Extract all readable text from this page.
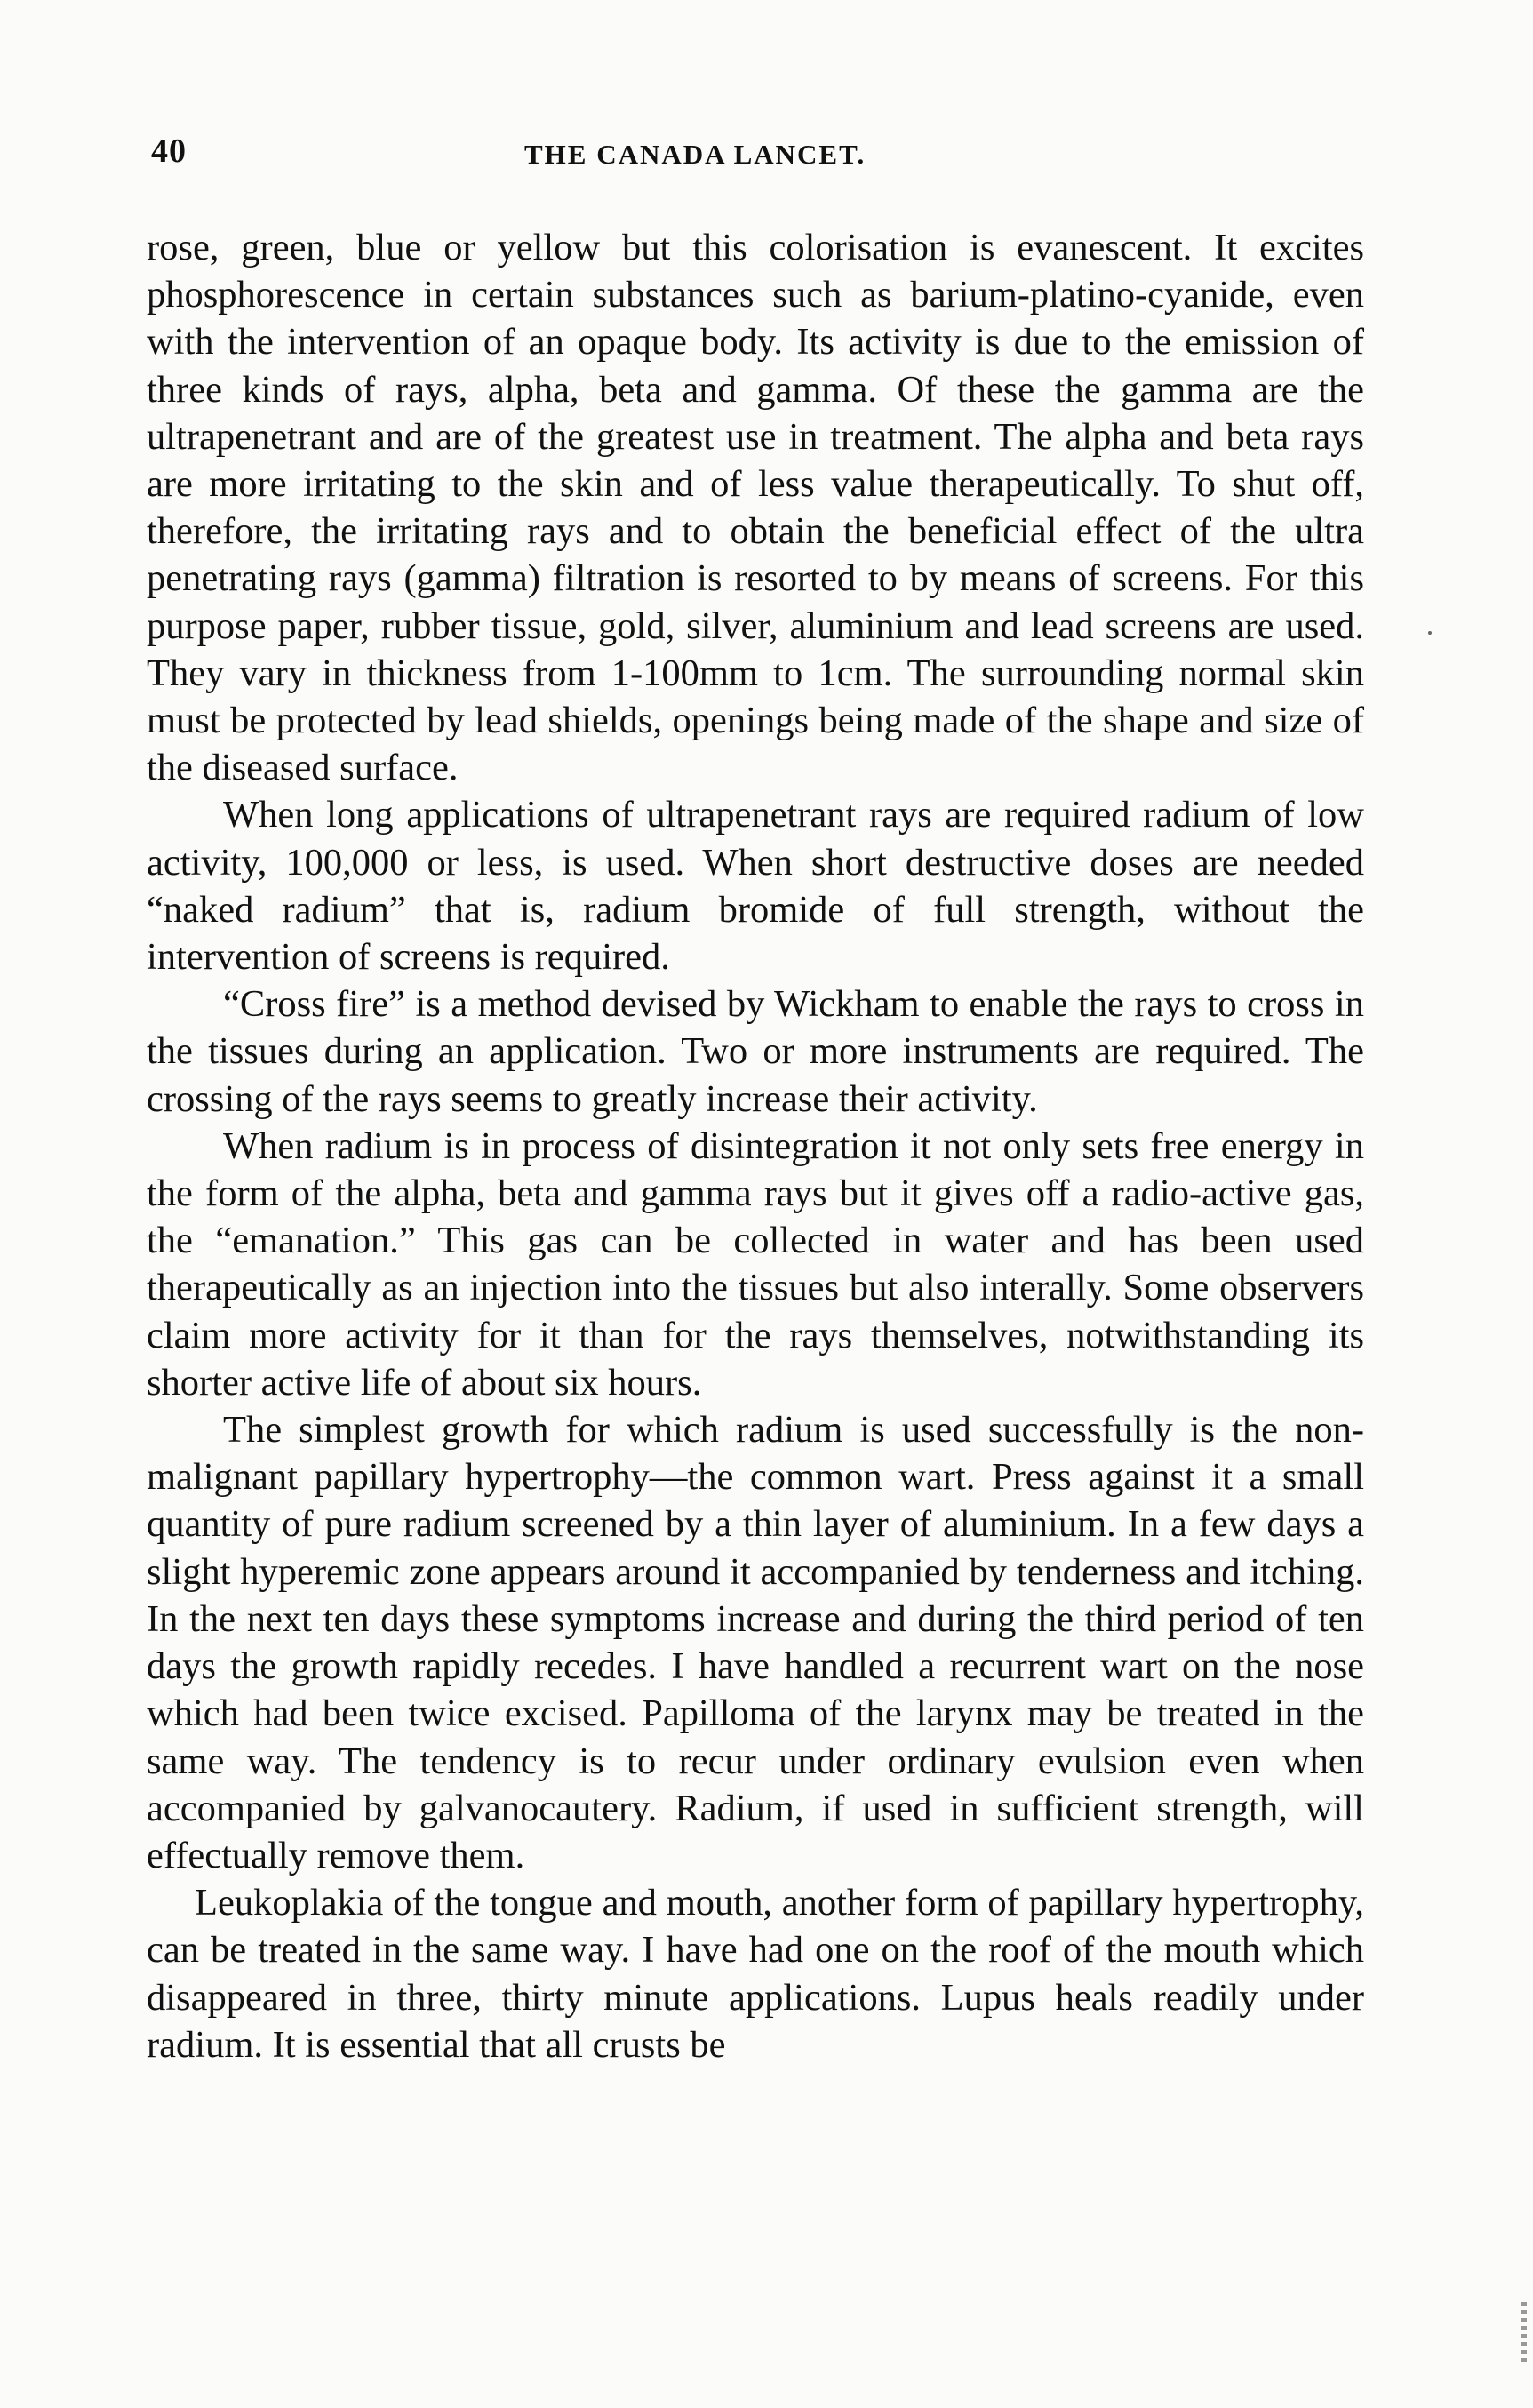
40	THE CANADA LANCET.

rose, green, blue or yellow but this colorisation is evanescent. It excites phosphorescence in certain substances such as barium-platino-cyanide, even with the intervention of an opaque body. Its activity is due to the emission of three kinds of rays, alpha, beta and gamma. Of these the gamma are the ultrapenetrant and are of the greatest use in treatment. The alpha and beta rays are more irritating to the skin and of less value therapeutically. To shut off, therefore, the irritating rays and to obtain the beneficial effect of the ultra penetrating rays (gamma) filtration is resorted to by means of screens. For this purpose paper, rubber tissue, gold, silver, aluminium and lead screens are used. They vary in thickness from 1-100mm to 1cm. The surrounding normal skin must be protected by lead shields, openings being made of the shape and size of the diseased surface.

When long applications of ultrapenetrant rays are required radium of low activity, 100,000 or less, is used. When short destructive doses are needed “naked radium” that is, radium bromide of full strength, without the intervention of screens is required.

“Cross fire” is a method devised by Wickham to enable the rays to cross in the tissues during an application. Two or more instruments are required. The crossing of the rays seems to greatly increase their activity.

When radium is in process of disintegration it not only sets free energy in the form of the alpha, beta and gamma rays but it gives off a radio-active gas, the “emanation.” This gas can be collected in water and has been used therapeutically as an injection into the tissues but also interally. Some observers claim more activity for it than for the rays themselves, notwithstanding its shorter active life of about six hours.

The simplest growth for which radium is used successfully is the non-malignant papillary hypertrophy—the common wart. Press against it a small quantity of pure radium screened by a thin layer of aluminium. In a few days a slight hyperemic zone appears around it accompanied by tenderness and itching. In the next ten days these symptoms increase and during the third period of ten days the growth rapidly recedes. I have handled a recurrent wart on the nose which had been twice excised. Papilloma of the larynx may be treated in the same way. The tendency is to recur under ordinary evulsion even when accompanied by galvanocautery. Radium, if used in sufficient strength, will effectually remove them.

Leukoplakia of the tongue and mouth, another form of papillary hypertrophy, can be treated in the same way. I have had one on the roof of the mouth which disappeared in three, thirty minute applications. Lupus heals readily under radium. It is essential that all crusts be
